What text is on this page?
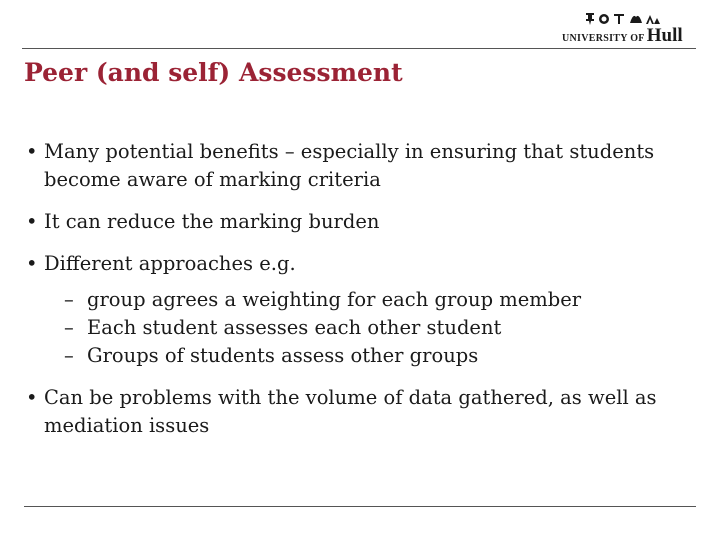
UNIVERSITY OF Hull
Peer (and self) Assessment
• Many potential benefits – especially in ensuring that students become aware of marking criteria
• It can reduce the marking burden
• Different approaches e.g.
– group agrees a weighting for each group member
– Each student assesses each other student
– Groups of students assess other groups
• Can be problems with the volume of data gathered, as well as mediation issues
